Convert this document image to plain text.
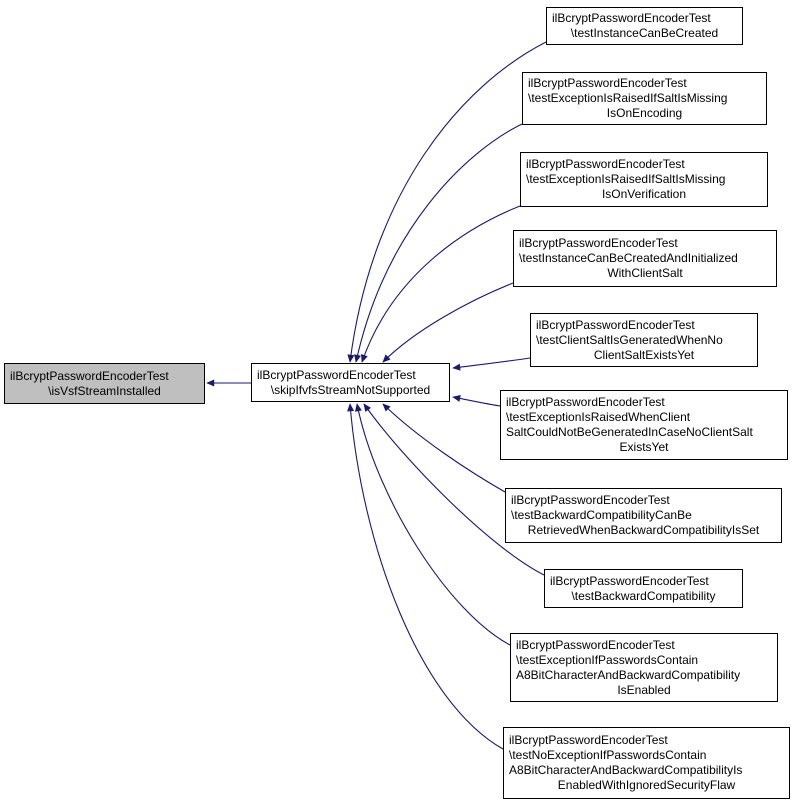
ilBcryptPasswordEncoderTest
\isVsfStreamInstalled
ilBcryptPasswordEncoderTest
\skipIfvfsStreamNotSupported
ilBcryptPasswordEncoderTest
\testInstanceCanBeCreated
ilBcryptPasswordEncoderTest
\testExceptionIsRaisedIfSaltIsMissing
IsOnEncoding
ilBcryptPasswordEncoderTest
\testExceptionIsRaisedIfSaltIsMissing
IsOnVerification
ilBcryptPasswordEncoderTest
\testInstanceCanBeCreatedAndInitialized
WithClientSalt
ilBcryptPasswordEncoderTest
\testClientSaltIsGeneratedWhenNo
ClientSaltExistsYet
ilBcryptPasswordEncoderTest
\testExceptionIsRaisedWhenClient
SaltCouldNotBeGeneratedInCaseNoClientSalt
ExistsYet
ilBcryptPasswordEncoderTest
\testBackwardCompatibilityCanBe
RetrievedWhenBackwardCompatibilityIsSet
ilBcryptPasswordEncoderTest
\testBackwardCompatibility
ilBcryptPasswordEncoderTest
\testExceptionIfPasswordsContain
A8BitCharacterAndBackwardCompatibility
IsEnabled
ilBcryptPasswordEncoderTest
\testNoExceptionIfPasswordsContain
A8BitCharacterAndBackwardCompatibilityIs
EnabledWithIgnoredSecurityFlaw
